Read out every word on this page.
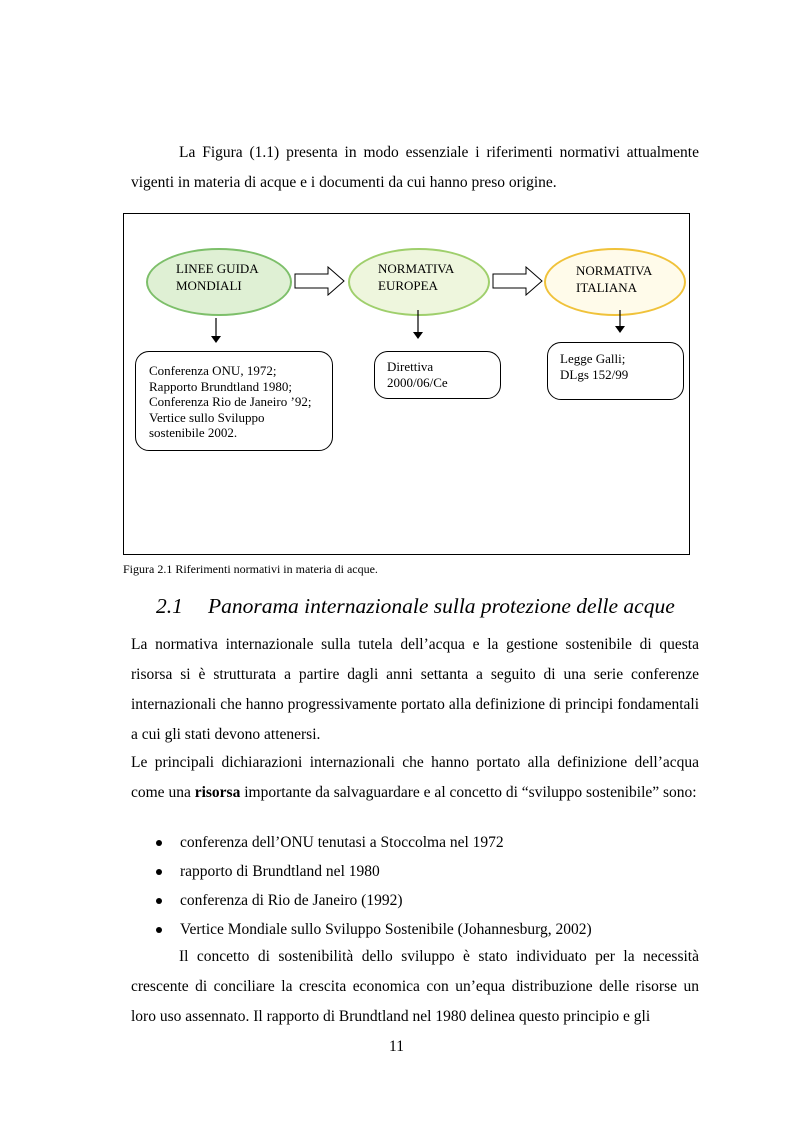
La Figura (1.1) presenta in modo essenziale i riferimenti normativi attualmente vigenti in materia di acque e i documenti da cui hanno preso origine.

LINEE GUIDA
MONDIALI
NORMATIVA
EUROPEA
NORMATIVA
ITALIANA
Conferenza ONU, 1972;
Rapporto Brundtland 1980;
Conferenza Rio de Janeiro ’92;
Vertice sullo Sviluppo
sostenibile 2002.
Direttiva
2000/06/Ce
Legge Galli;
DLgs 152/99
Figura 2.1 Riferimenti normativi in materia di acque.
2.1 Panorama internazionale sulla protezione delle acque

La normativa internazionale sulla tutela dell’acqua e la gestione sostenibile di questa risorsa si è strutturata a partire dagli anni settanta a seguito di una serie conferenze internazionali che hanno progressivamente portato alla definizione di principi fondamentali a cui gli stati devono attenersi.

Le principali dichiarazioni internazionali che hanno portato alla definizione dell’acqua come una risorsa importante da salvaguardare e al concetto di “sviluppo sostenibile” sono:

conferenza dell’ONU tenutasi a Stoccolma nel 1972
rapporto di Brundtland nel 1980
conferenza di Rio de Janeiro (1992)
Vertice Mondiale sullo Sviluppo Sostenibile (Johannesburg, 2002)

Il concetto di sostenibilità dello sviluppo è stato individuato per la necessità crescente di conciliare la crescita economica con un’equa distribuzione delle risorse un loro uso assennato. Il rapporto di Brundtland nel 1980 delinea questo principio e gli

11
